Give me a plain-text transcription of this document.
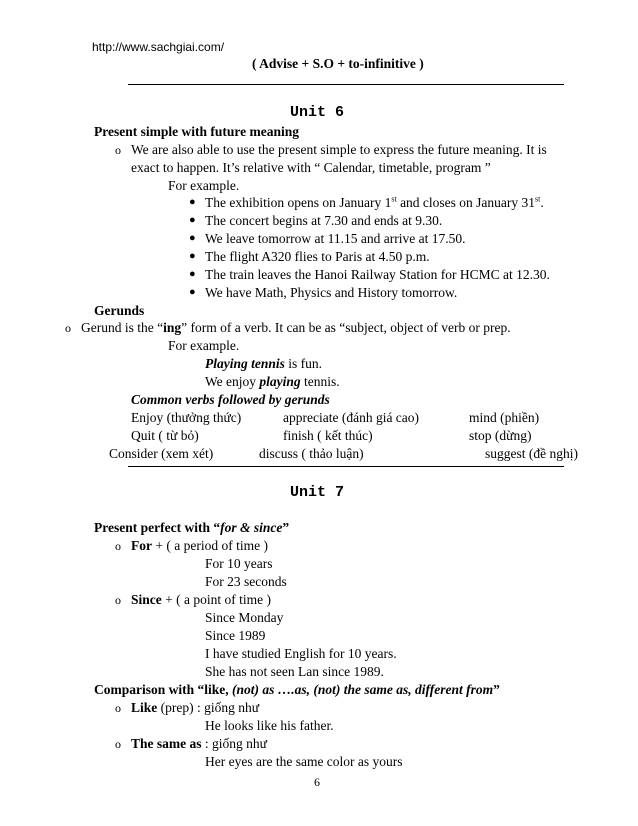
http://www.sachgiai.com/
( Advise + S.O + to-infinitive )
Unit 6
Present simple with future meaning
o We are also able to use the present simple to express the future meaning. It is
exact to happen. It’s relative with “ Calendar, timetable, program ”
For example.
● The exhibition opens on January 1st and closes on January 31st.
● The concert begins at 7.30 and ends at 9.30.
● We leave tomorrow at 11.15 and arrive at 17.50.
● The flight A320 flies to Paris at 4.50 p.m.
● The train leaves the Hanoi Railway Station for HCMC at 12.30.
● We have Math, Physics and History tomorrow.
Gerunds
o Gerund is the “ing” form of a verb. It can be as “subject, object of verb or prep.
For example.
Playing tennis is fun.
We enjoy playing tennis.
Common verbs followed by gerunds
Enjoy (thưởng thức)	appreciate (đánh giá cao)	mind (phiền)
Quit ( từ bỏ)	finish ( kết thúc)	stop (dừng)
Consider (xem xét)	discuss ( thảo luận)	suggest (đề nghị)
Unit 7
Present perfect with “for & since”
o For + ( a period of time )
For 10 years
For 23 seconds
o Since + ( a point of time )
Since Monday
Since 1989
I have studied English for 10 years.
She has not seen Lan since 1989.
Comparison with “like, (not) as ….as, (not) the same as, different from”
o Like (prep) : giống như
He looks like his father.
o The same as : giống như
Her eyes are the same color as yours
6
